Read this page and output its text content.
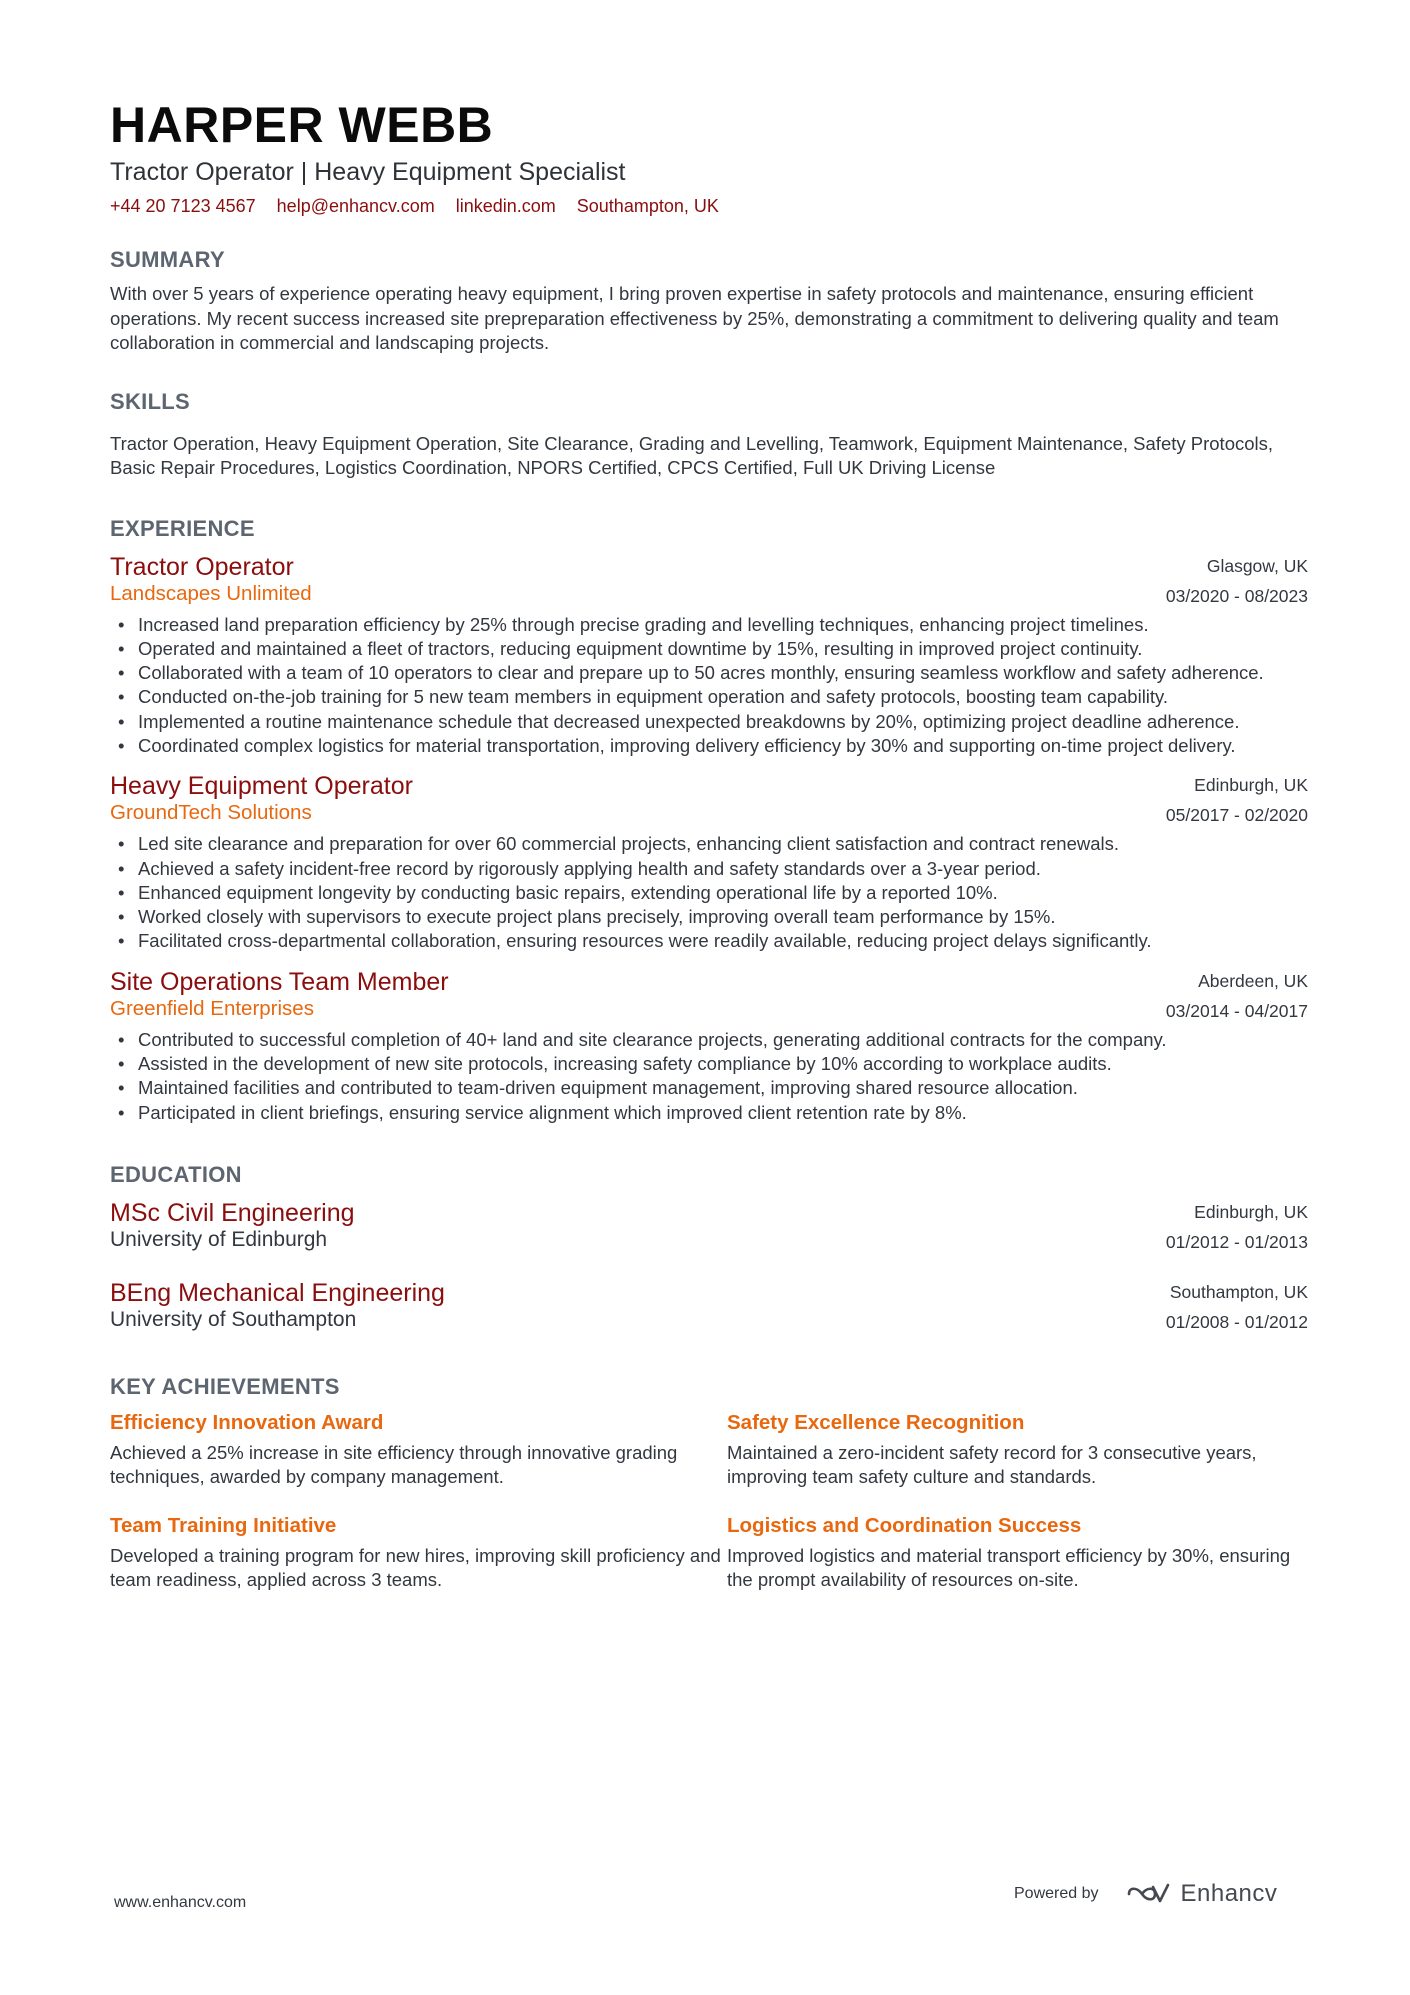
HARPER WEBB
Tractor Operator | Heavy Equipment Specialist
+44 20 7123 4567 help@enhancv.com linkedin.com Southampton, UK
SUMMARY

With over 5 years of experience operating heavy equipment, I bring proven expertise in safety protocols and maintenance, ensuring efficient operations. My recent success increased site prepreparation effectiveness by 25%, demonstrating a commitment to delivering quality and team collaboration in commercial and landscaping projects.

SKILLS

Tractor Operation, Heavy Equipment Operation, Site Clearance, Grading and Levelling, Teamwork, Equipment Maintenance, Safety Protocols, Basic Repair Procedures, Logistics Coordination, NPORS Certified, CPCS Certified, Full UK Driving License

EXPERIENCE
Tractor Operator
Landscapes Unlimited
Glasgow, UK
03/2020 - 08/2023
• Increased land preparation efficiency by 25% through precise grading and levelling techniques, enhancing project timelines.
• Operated and maintained a fleet of tractors, reducing equipment downtime by 15%, resulting in improved project continuity.
• Collaborated with a team of 10 operators to clear and prepare up to 50 acres monthly, ensuring seamless workflow and safety adherence.
• Conducted on-the-job training for 5 new team members in equipment operation and safety protocols, boosting team capability.
• Implemented a routine maintenance schedule that decreased unexpected breakdowns by 20%, optimizing project deadline adherence.
• Coordinated complex logistics for material transportation, improving delivery efficiency by 30% and supporting on-time project delivery.
Heavy Equipment Operator
GroundTech Solutions
Edinburgh, UK
05/2017 - 02/2020
• Led site clearance and preparation for over 60 commercial projects, enhancing client satisfaction and contract renewals.
• Achieved a safety incident-free record by rigorously applying health and safety standards over a 3-year period.
• Enhanced equipment longevity by conducting basic repairs, extending operational life by a reported 10%.
• Worked closely with supervisors to execute project plans precisely, improving overall team performance by 15%.
• Facilitated cross-departmental collaboration, ensuring resources were readily available, reducing project delays significantly.
Site Operations Team Member
Greenfield Enterprises
Aberdeen, UK
03/2014 - 04/2017
• Contributed to successful completion of 40+ land and site clearance projects, generating additional contracts for the company.
• Assisted in the development of new site protocols, increasing safety compliance by 10% according to workplace audits.
• Maintained facilities and contributed to team-driven equipment management, improving shared resource allocation.
• Participated in client briefings, ensuring service alignment which improved client retention rate by 8%.
EDUCATION
MSc Civil Engineering
University of Edinburgh
Edinburgh, UK
01/2012 - 01/2013
BEng Mechanical Engineering
University of Southampton
Southampton, UK
01/2008 - 01/2012
KEY ACHIEVEMENTS
Efficiency Innovation Award
Achieved a 25% increase in site efficiency through innovative grading techniques, awarded by company management.
Safety Excellence Recognition
Maintained a zero-incident safety record for 3 consecutive years, improving team safety culture and standards.
Team Training Initiative
Developed a training program for new hires, improving skill proficiency and team readiness, applied across 3 teams.
Logistics and Coordination Success
Improved logistics and material transport efficiency by 30%, ensuring the prompt availability of resources on-site.
www.enhancv.com
Powered by	Enhancv
